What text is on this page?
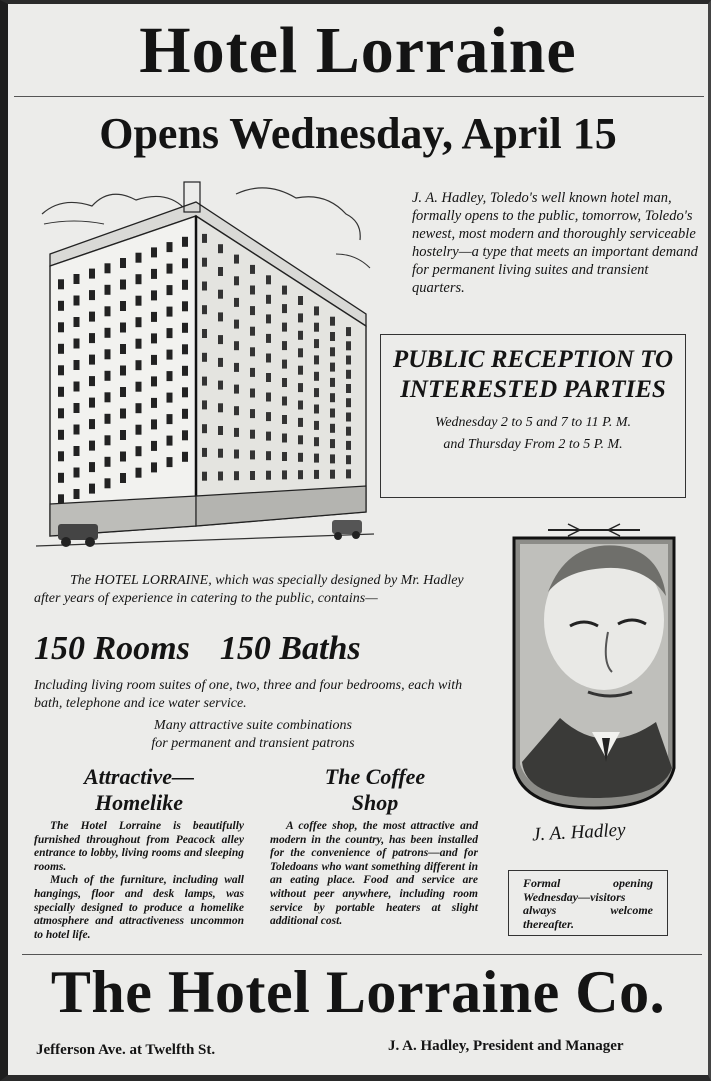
Hotel Lorraine
Opens Wednesday, April 15
J. A. Hadley, Toledo's well known hotel man, formally opens to the public, tomorrow, Toledo's newest, most modern and thoroughly serviceable hostelry—a type that meets an important demand for permanent living suites and transient quarters.
PUBLIC RECEPTION TO INTERESTED PARTIES
Wednesday 2 to 5 and 7 to 11 P. M.
and Thursday From 2 to 5 P. M.
J. A. Hadley
The HOTEL LORRAINE, which was specially designed by Mr. Hadley after years of experience in catering to the public, contains—
150 Rooms 150 Baths
Including living room suites of one, two, three and four bedrooms, each with bath, telephone and ice water service.
Many attractive suite combinations
for permanent and transient patrons
Attractive—
Homelike
The Coffee
Shop

The Hotel Lorraine is beautifully furnished throughout from Peacock alley entrance to lobby, living rooms and sleeping rooms.

Much of the furniture, including wall hangings, floor and desk lamps, was specially designed to produce a homelike atmosphere and attractiveness uncommon to hotel life.

A coffee shop, the most attractive and modern in the country, has been installed for the convenience of patrons—and for Toledoans who want something different in an eating place. Food and service are without peer anywhere, including room service by portable heaters at slight additional cost.

Formal opening Wednesday—visitors always welcome thereafter.
The Hotel Lorraine Co.
Jefferson Ave. at Twelfth St.	J. A. Hadley, President and Manager
